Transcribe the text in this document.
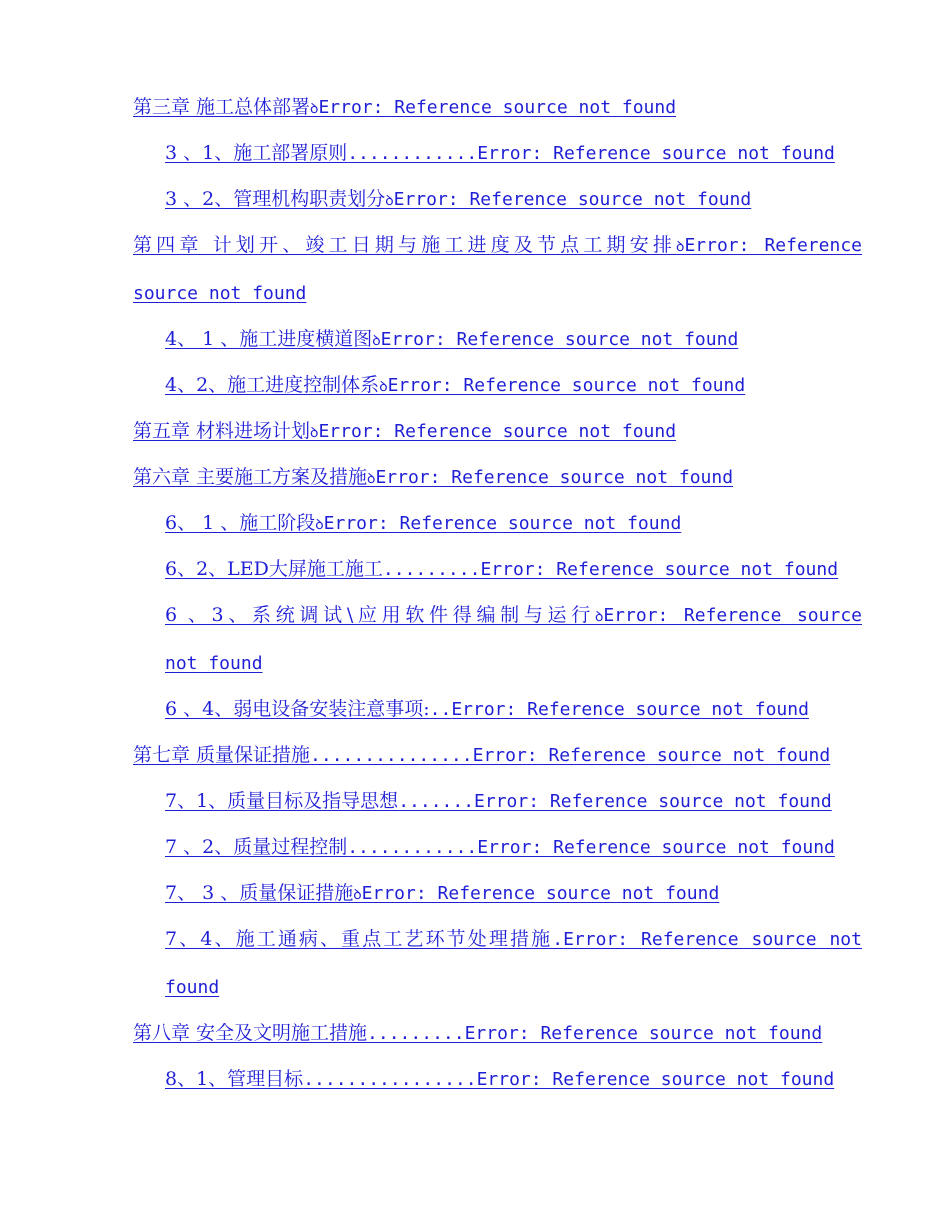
第三章 施工总体部署ꝺError: Reference source not found
3 、1、施工部署原则............Error: Reference source not found
3 、2、管理机构职责划分ꝺError: Reference source not found
第四章 计划开、竣工日期与施工进度及节点工期安排ꝺError: Reference
source not found
4、 1 、施工进度横道图ꝺError: Reference source not found
4、2、施工进度控制体系ꝺError: Reference source not found
第五章 材料进场计划ꝺError: Reference source not found
第六章 主要施工方案及措施ꝺError: Reference source not found
6、 1 、施工阶段ꝺError: Reference source not found
6、2、LED大屏施工施工.........Error: Reference source not found
6 、3、系统调试\应用软件得编制与运行ꝺError: Reference source
not found
6 、4、弱电设备安装注意事项:..Error: Reference source not found
第七章 质量保证措施...............Error: Reference source not found
7、1、质量目标及指导思想.......Error: Reference source not found
7 、2、质量过程控制............Error: Reference source not found
7、 3 、质量保证措施ꝺError: Reference source not found
7、4、施工通病、重点工艺环节处理措施.Error: Reference source not
found
第八章 安全及文明施工措施.........Error: Reference source not found
8、1、管理目标................Error: Reference source not found
